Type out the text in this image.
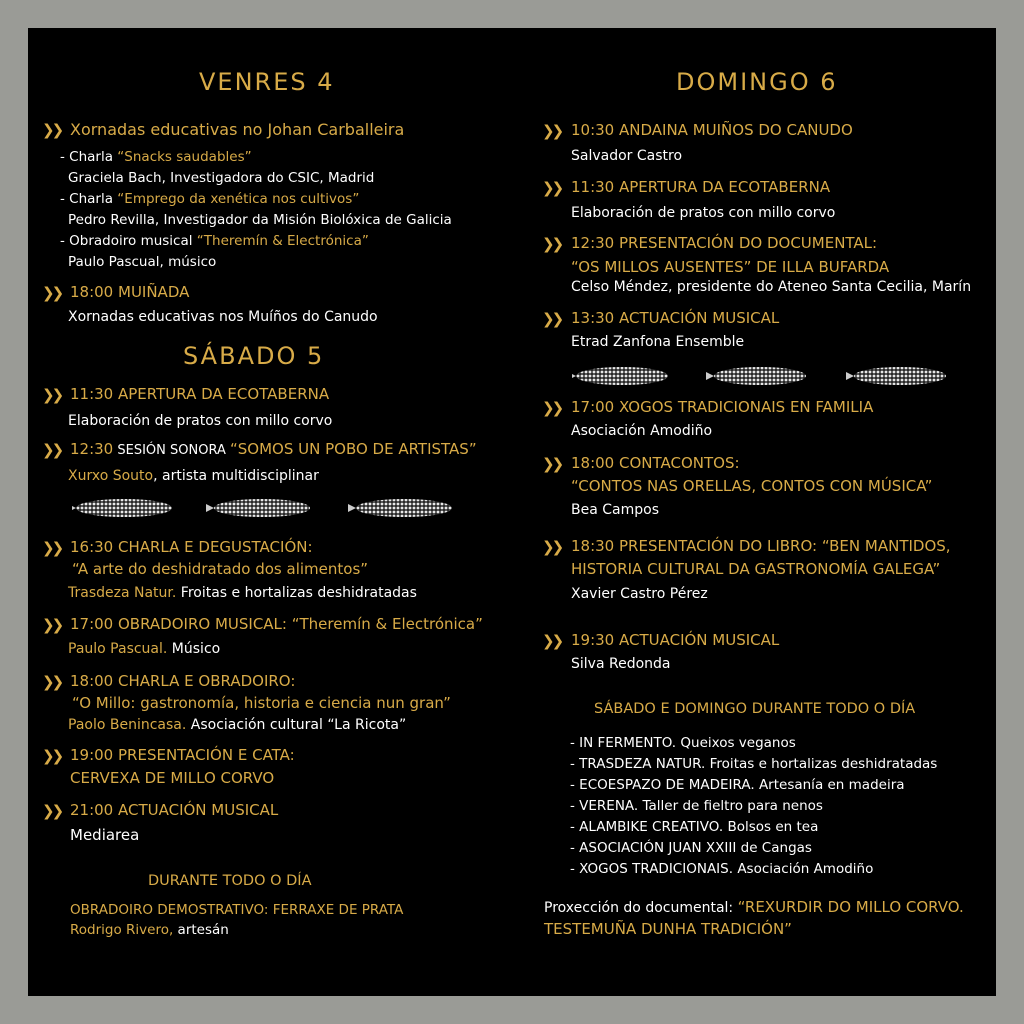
VENRES 4
❯❯ Xornadas educativas no Johan Carballeira
- Charla “Snacks saudables”
Graciela Bach, Investigadora do CSIC, Madrid
- Charla “Emprego da xenética nos cultivos”
Pedro Revilla, Investigador da Misión Biolóxica de Galicia
- Obradoiro musical “Theremín & Electrónica”
Paulo Pascual, músico
❯❯ 18:00 MUIÑADA
Xornadas educativas nos Muíños do Canudo
SÁBADO 5
❯❯ 11:30 APERTURA DA ECOTABERNA
Elaboración de pratos con millo corvo
❯❯ 12:30 SESIÓN SONORA “SOMOS UN POBO DE ARTISTAS”
Xurxo Souto, artista multidisciplinar
❯❯ 16:30 CHARLA E DEGUSTACIÓN:
“A arte do deshidratado dos alimentos”
Trasdeza Natur. Froitas e hortalizas deshidratadas
❯❯ 17:00 OBRADOIRO MUSICAL: “Theremín & Electrónica”
Paulo Pascual. Músico
❯❯ 18:00 CHARLA E OBRADOIRO:
“O Millo: gastronomía, historia e ciencia nun gran”
Paolo Benincasa. Asociación cultural “La Ricota”
❯❯ 19:00 PRESENTACIÓN E CATA:
CERVEXA DE MILLO CORVO
❯❯ 21:00 ACTUACIÓN MUSICAL
Mediarea
DURANTE TODO O DÍA
OBRADOIRO DEMOSTRATIVO: FERRAXE DE PRATA
Rodrigo Rivero, artesán
DOMINGO 6
❯❯ 10:30 ANDAINA MUIÑOS DO CANUDO
Salvador Castro
❯❯ 11:30 APERTURA DA ECOTABERNA
Elaboración de pratos con millo corvo
❯❯ 12:30 PRESENTACIÓN DO DOCUMENTAL:
“OS MILLOS AUSENTES” DE ILLA BUFARDA
Celso Méndez, presidente do Ateneo Santa Cecilia, Marín
❯❯ 13:30 ACTUACIÓN MUSICAL
Etrad Zanfona Ensemble
❯❯ 17:00 XOGOS TRADICIONAIS EN FAMILIA
Asociación Amodiño
❯❯ 18:00 CONTACONTOS:
“CONTOS NAS ORELLAS, CONTOS CON MÚSICA”
Bea Campos
❯❯ 18:30 PRESENTACIÓN DO LIBRO: “BEN MANTIDOS,
HISTORIA CULTURAL DA GASTRONOMÍA GALEGA”
Xavier Castro Pérez
❯❯ 19:30 ACTUACIÓN MUSICAL
Silva Redonda
SÁBADO E DOMINGO DURANTE TODO O DÍA
- IN FERMENTO. Queixos veganos
- TRASDEZA NATUR. Froitas e hortalizas deshidratadas
- ECOESPAZO DE MADEIRA. Artesanía en madeira
- VERENA. Taller de fieltro para nenos
- ALAMBIKE CREATIVO. Bolsos en tea
- ASOCIACIÓN JUAN XXIII de Cangas
- XOGOS TRADICIONAIS. Asociación Amodiño
Proxección do documental: “REXURDIR DO MILLO CORVO.
TESTEMUÑA DUNHA TRADICIÓN”
